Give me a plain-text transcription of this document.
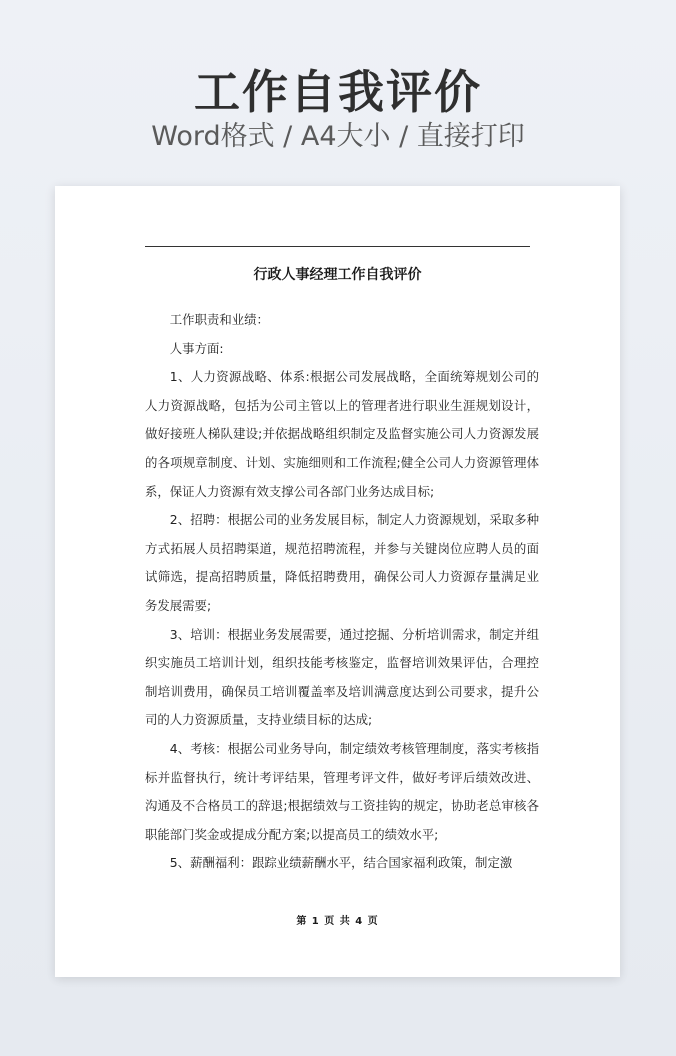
工作自我评价
Word格式 / A4大小 / 直接打印
行政人事经理工作自我评价

工作职责和业绩：

人事方面:

1、人力资源战略、体系:根据公司发展战略，全面统筹规划公司的人力资源战略，包括为公司主管以上的管理者进行职业生涯规划设计，做好接班人梯队建设;并依据战略组织制定及监督实施公司人力资源发展的各项规章制度、计划、实施细则和工作流程;健全公司人力资源管理体系，保证人力资源有效支撑公司各部门业务达成目标;

2、招聘：根据公司的业务发展目标，制定人力资源规划，采取多种方式拓展人员招聘渠道，规范招聘流程，并参与关键岗位应聘人员的面试筛选，提高招聘质量，降低招聘费用，确保公司人力资源存量满足业务发展需要;

3、培训：根据业务发展需要，通过挖掘、分析培训需求，制定并组织实施员工培训计划，组织技能考核鉴定，监督培训效果评估，合理控制培训费用，确保员工培训覆盖率及培训满意度达到公司要求，提升公司的人力资源质量，支持业绩目标的达成;

4、考核：根据公司业务导向，制定绩效考核管理制度，落实考核指标并监督执行，统计考评结果，管理考评文件，做好考评后绩效改进、沟通及不合格员工的辞退;根据绩效与工资挂钩的规定，协助老总审核各职能部门奖金或提成分配方案;以提高员工的绩效水平;

5、薪酬福利：跟踪业绩薪酬水平，结合国家福利政策，制定激

第 1 页 共 4 页
